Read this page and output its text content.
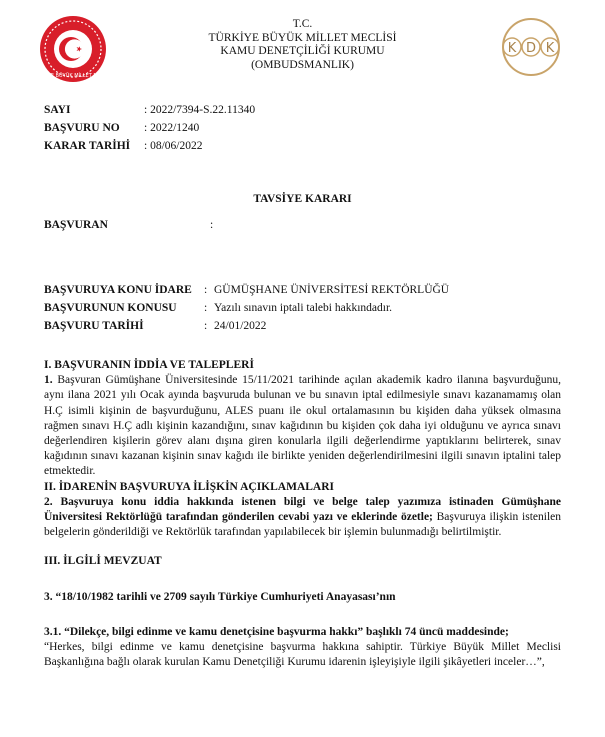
TÜRKİYE BÜYÜK MİLLET MECLİSİ
K D K
T.C.
TÜRKİYE BÜYÜK MİLLET MECLİSİ
KAMU DENETÇİLİĞİ KURUMU
(OMBUDSMANLIK)
SAYI	: 2022/7394-S.22.11340
BAŞVURU NO	: 2022/1240
KARAR TARİHİ	: 08/06/2022
TAVSİYE KARARI
BAŞVURAN	:
BAŞVURUYA KONU İDARE	: GÜMÜŞHANE ÜNİVERSİTESİ REKTÖRLÜĞÜ
BAŞVURUNUN KONUSU	: Yazılı sınavın iptali talebi hakkındadır.
BAŞVURU TARİHİ	: 24/01/2022

I. BAŞVURANIN İDDİA VE TALEPLERİ

1. Başvuran Gümüşhane Üniversitesinde 15/11/2021 tarihinde açılan akademik kadro ilanına başvurduğunu, aynı ilana 2021 yılı Ocak ayında başvuruda bulunan ve bu sınavın iptal edilmesiyle sınavı kazanamamış olan H.Ç isimli kişinin de başvurduğunu, ALES puanı ile okul ortalamasının bu kişiden daha yüksek olmasına rağmen sınavı H.Ç adlı kişinin kazandığını, sınav kağıdının bu kişiden çok daha iyi olduğunu ve ayrıca sınavı değerlendiren kişilerin görev alanı dışına giren konularla ilgili değerlendirme yaptıklarını belirterek, sınav kağıdının sınavı kazanan kişinin sınav kağıdı ile birlikte yeniden değerlendirilmesini ilgili sınavın iptalini talep etmektedir.

II. İDARENİN BAŞVURUYA İLİŞKİN AÇIKLAMALARI

2. Başvuruya konu iddia hakkında istenen bilgi ve belge talep yazımıza istinaden Gümüşhane Üniversitesi Rektörlüğü tarafından gönderilen cevabi yazı ve eklerinde özetle; Başvuruya ilişkin istenilen belgelerin gönderildiği ve Rektörlük tarafından yapılabilecek bir işlemin bulunmadığı belirtilmiştir.

III. İLGİLİ MEVZUAT

3. “18/10/1982 tarihli ve 2709 sayılı Türkiye Cumhuriyeti Anayasası’nın

3.1. “Dilekçe, bilgi edinme ve kamu denetçisine başvurma hakkı” başlıklı 74 üncü maddesinde;

“Herkes, bilgi edinme ve kamu denetçisine başvurma hakkına sahiptir. Türkiye Büyük Millet Meclisi Başkanlığına bağlı olarak kurulan Kamu Denetçiliği Kurumu idarenin işleyişiyle ilgili şikâyetleri inceler…”,
